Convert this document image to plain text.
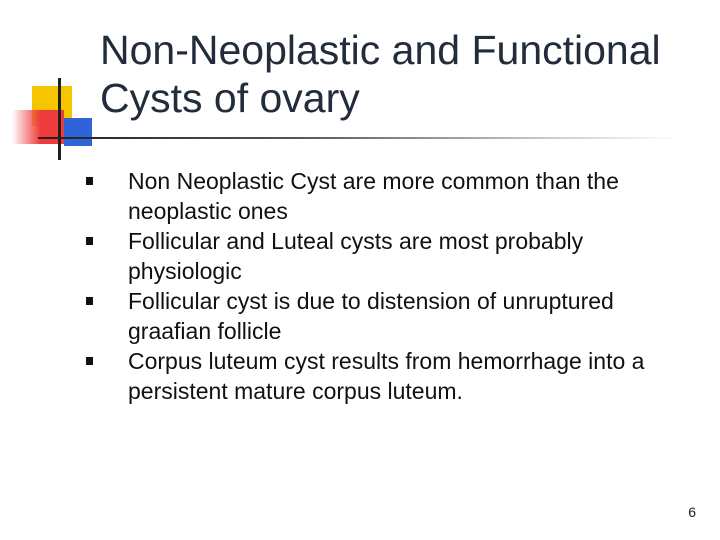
Non-Neoplastic and Functional Cysts of ovary
Non Neoplastic Cyst are more common than the neoplastic ones
Follicular and Luteal cysts are most probably physiologic
Follicular cyst is due to distension of unruptured graafian follicle
Corpus luteum cyst results from hemorrhage into a persistent mature corpus luteum.
6
